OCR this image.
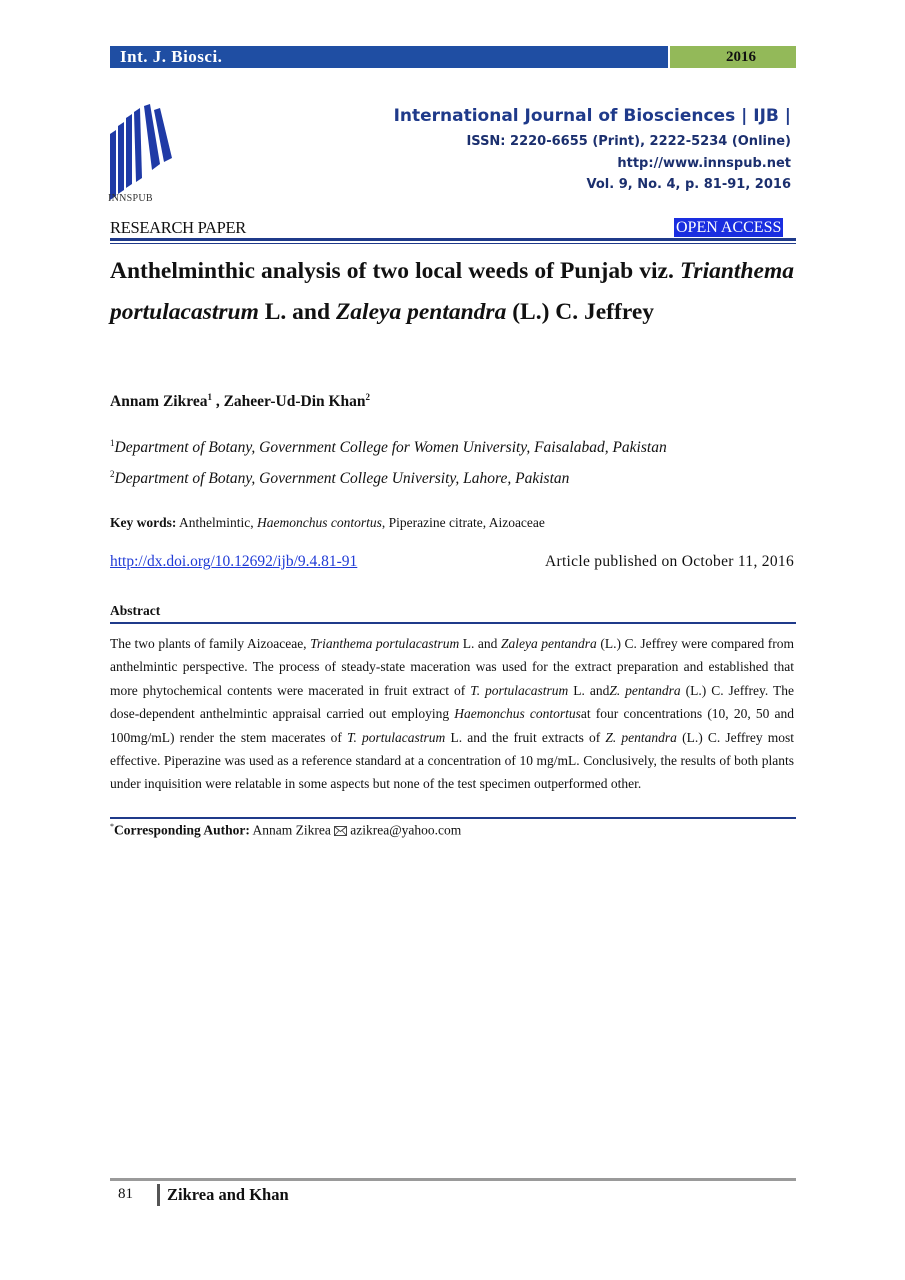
Int. J. Biosci.	2016
INNSPUB
International Journal of Biosciences | IJB |
ISSN: 2220-6655 (Print), 2222-5234 (Online)
http://www.innspub.net
Vol. 9, No. 4, p. 81-91, 2016
RESEARCH PAPER	OPEN ACCESS
Anthelminthic analysis of two local weeds of Punjab viz. Trianthema portulacastrum L. and Zaleya pentandra (L.) C. Jeffrey
Annam Zikrea$^1$ , Zaheer-Ud-Din Khan$^2$
$^1$Department of Botany, Government College for Women University, Faisalabad, Pakistan
$^2$Department of Botany, Government College University, Lahore, Pakistan
Key words: Anthelmintic, Haemonchus contortus, Piperazine citrate, Aizoaceae
http://dx.doi.org/10.12692/ijb/9.4.81-91	Article published on October 11, 2016
Abstract
The two plants of family Aizoaceae, Trianthema portulacastrum L. and Zaleya pentandra (L.) C. Jeffrey were compared from anthelmintic perspective. The process of steady-state maceration was used for the extract preparation and established that more phytochemical contents were macerated in fruit extract of T. portulacastrum L. andZ. pentandra (L.) C. Jeffrey. The dose-dependent anthelmintic appraisal carried out employing Haemonchus contortusat four concentrations (10, 20, 50 and 100mg/mL) render the stem macerates of T. portulacastrum L. and the fruit extracts of Z. pentandra (L.) C. Jeffrey most effective. Piperazine was used as a reference standard at a concentration of 10 mg/mL. Conclusively, the results of both plants under inquisition were relatable in some aspects but none of the test specimen outperformed other.
*Corresponding Author: Annam Zikrea azikrea@yahoo.com
81 Zikrea and Khan
